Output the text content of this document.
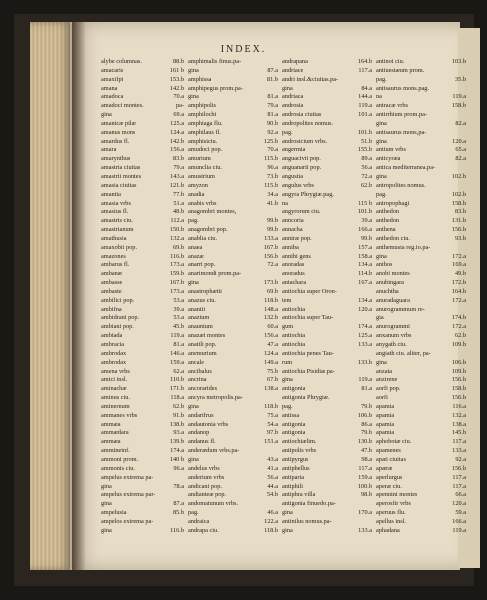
INDEX.
alybe columnas.	88.b
amacaris	161 b
amaxifpi	153.b
amana	142.b
amadoca	70.a
amadoci montes.	pa-
gina	69.a
amanicæ pilæ	125.a
amanus mons	124.a
amardus fl.	142.b
amara	156.a
amarynthus	83.b
amastria ciuitas	79.a
amastrii montes	143.a
amasia ciuitas	121.b
amantia	77.b
amasia vrbs	51.a
amasius fl.	48.b
amastris ciu.	112.a
amastrianum	150.b
amathusia	132.a
amaxobii pop.	69.b
amazones	116.b
ambarus fl.	173.a
ambanæ	159.b
ambasse	167.b
ambaste	173.a
ambilici pop.	53.a
ambifna	39.a
ambidrani pop.	53.a
ambiani pop.	45.b
ambiada	119.a
ambracia	81.a
ambrodax	146.a
ambrodax	159.a
amena vrbs	62.a
amici insl.	110.b
aminachæ	171.b
aminus ciu.	118.a
aminernum	62.b
ammanes vrbs	91.b
ammæa	138.b
ammædara	93.a
ammæa	139.b
ammineinf.	174.a
ammoni prom.	140 b
ammonis ciu.	96.a
ampelus extrema pa-
gina	78.a
ampelus extrema par-
gina	87.a
ampelusia	85.b
ampelos extrema pa-
gina	116.b
amphimalis finus.pa-
gina	87.a
amphissa	81.b
amphipegus prom.pa-
gina	81.a
amphipolis	79.a
amphilochi	81.a
amphiaga flu.	90.b
amphilaus fl.	92.a
amphisiciu.	125.b
amudoci pop.	70.a
amurium	115.b
amunclia ciu.	96.a
amustrium	73.b
amyzon	115.b
anadia	34.a
anabis vrbs	41.b
anagombri montes,
pag.	99.b
anagombri pop.	99.b
anablia ciu.	133.a
anaea	167.b
anazæ	156.b
anarri pop.	72.a
anarimondi prom.pa-
gina	173.b
anastrophætii	69.b
anazus ciu.	118.b
anantii	148.a
anazium	132.b
anaunium	60.a
anazæi montes	156.a
anatili pop.	47.a
anemurium	124.a
ancale	149.a
ancibalus	75.b
ancrina	67.b
ancorarides	138.a
ancyra metropolis.pa-
gina	118.b
andarifrus	75.a
andautonia vrbs	54.a
andanop	97.b
andanus fl.	151.a
anderædum vrbs.pa-
gina	43.a
andelus vrbs	41.a
anderium vrbs	56.a
andicani pop.	44.a
andianteæ pop.	54.b
andomatunum vrbs.
pag.	46.a
andraica	122.a
andrapa ciu.	118.b
andrapana	164.b
andriace	117.a
andri insl.&ciuitas.pa-
gina	84.a
andriaca	144.a
androsia	119.a
androsia ciuitas	101.a
andropolites nomus.
pag.	101.b
androsicium vrbs.	51.b
angermia	155.b
anguacivii pop.	89.a
anguanarii pop.	56.a
angustia	72.a
angulus vrbs	62.b
angyra Phrygiæ.pag.
na	115 b
angyrorum ciu.	101.b
anncoria	39.a
annacha	166.a
anniræ pop.	99.b
anniba	157.a
annibi gens	158.a
anoradas	134.a
anoradus	114.b
antachara	167.a
antiochia super Oron-
tem	134.a
antiochia	120.a
antiochia super Tau-
gum	174.a
antiochia	125.a
antiochia	133.a
antiochia penes Tau-
rum	133.b
antiochia Pisidiæ.pa-
gina	119.a
antigonia	81.a
antigonia Phrygiæ.
pag.	79.b
antissa	106.b
antigonia	86.a
antigonia	79.b
antiochiælim.	130.b
antipolis vrbs	47.b
antipyrgus	98.a
antiphellus	117.a
antiparia	159.a
antiphili	100.b
antiphra villa	98.b
antigonia finuedo.pa-
gina	170.a
antinilus nomus.pa-
gina	133.a
antinoi ciu.	103.b
antiuestæum prom.
pag.	35.b
antisaurus mons.pag.
na	119.a
antracæ vrbs	158.b
antirrhium prom.pa-
gina	82.a
antisaurus mons,pa-
gina	120.a
antium vrbs	65.a
anticyræa	82.a
antica mediterranea.pa-
gina	102.b
antropolites nomus.
pag.	102.b
antropophagi	158.b
anthedon	83.b
anthedon	131.b
anthena	156.b
anthedon ciu.	93.b
anthemusia reg.io.pa-
gina	172.a
anthos	169.a
anobi montes	49.b
anubingara	172.b
anuchtha	164.b
anuradaguara	172.a
anurogrammum re-
gia	174.b
anurogrammi	172.a
anxanum vrbs	62.b
anygath ciu.	109.b
angiath ciu. aliter, pa-
gina	106.b
anzata	109.b
anzirene	156.b
aorfi pop.	158.b
aorfi	156.b
apamia	116.a
apamia	132.a
apamia	138.a
apamia	145.b
aphobotæ ciu.	117.a
apamenes	133.a
apæi ciuitas	92.a
apæræ	156.b
aperlurgus	117.a
aperæ ciu.	117.a
apennini montes	66.a
aperosfir vrbs	120.a
aperuus flu.	59.a
apellus insl.	166.a
aphadana	119.a
